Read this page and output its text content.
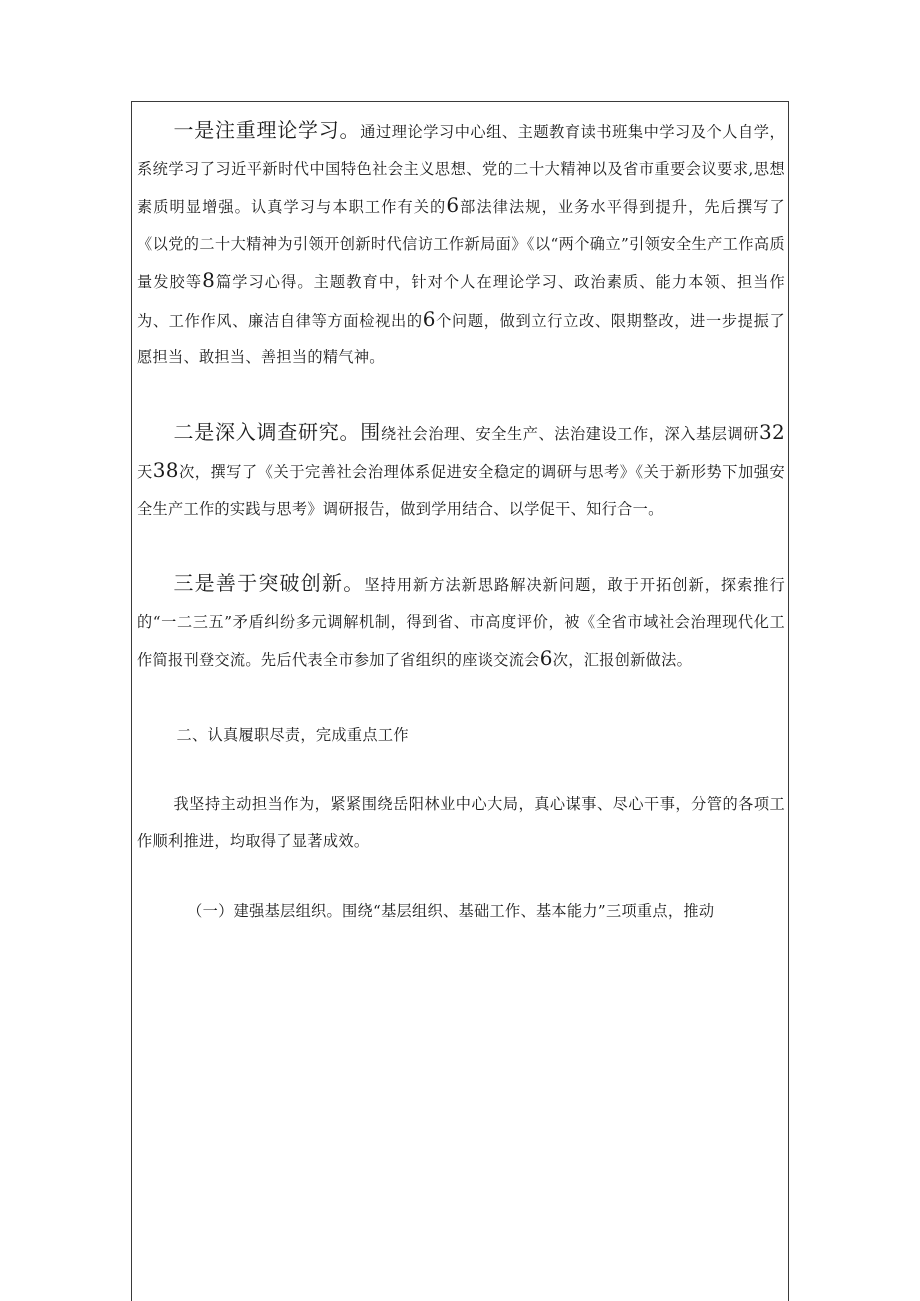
一是注重理论学习。通过理论学习中心组、主题教育读书班集中学习及个人自学，系统学习了习近平新时代中国特色社会主义思想、党的二十大精神以及省市重要会议要求,思想素质明显增强。认真学习与本职工作有关的6部法律法规，业务水平得到提升，先后撰写了《以党的二十大精神为引领开创新时代信访工作新局面》《以“两个确立”引领安全生产工作高质量发胶等8篇学习心得。主题教育中，针对个人在理论学习、政治素质、能力本领、担当作为、工作作风、廉洁自律等方面检视出的6个问题，做到立行立改、限期整改，进一步提振了愿担当、敢担当、善担当的精气神。

二是深入调查研究。围绕社会治理、安全生产、法治建设工作，深入基层调研32天38次，撰写了《关于完善社会治理体系促进安全稳定的调研与思考》《关于新形势下加强安全生产工作的实践与思考》调研报告，做到学用结合、以学促干、知行合一。

三是善于突破创新。坚持用新方法新思路解决新问题，敢于开拓创新，探索推行的“一二三五”矛盾纠纷多元调解机制，得到省、市高度评价，被《全省市域社会治理现代化工作简报刊登交流。先后代表全市参加了省组织的座谈交流会6次，汇报创新做法。

二、认真履职尽责，完成重点工作

我坚持主动担当作为，紧紧围绕岳阳林业中心大局，真心谋事、尽心干事，分管的各项工作顺利推进，均取得了显著成效。

（一）建强基层组织。围绕“基层组织、基础工作、基本能力”三项重点，推动
